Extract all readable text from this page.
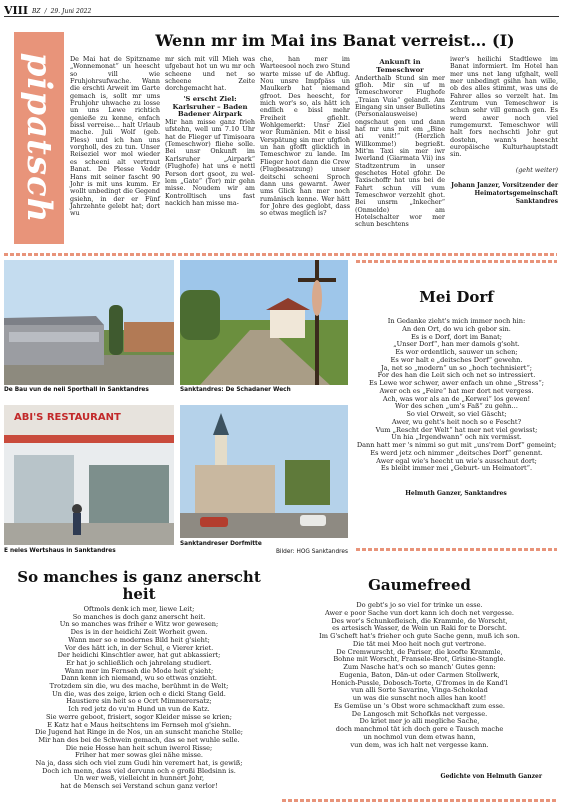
VIII BZ / 29. Juni 2022
pipatsch
Wenn mr im Mai ins Banat verreist… (I)
De Mai hat de Spitzname „Wonnemonat“ un heescht so vill wie Fruhjohrsufwache. Wann die erschti Arweit im Garte gemach is, sollt mr ums Fruhjohr uhwache zu losse un uns Lewe richtich genieße zu kenne, enfach bissl verreise… halt Urlaub mache. Juli Wolf (geb. Pless) und ich han uns vorgholl, des zu tun. Unser Reiseziel wor mol wieder es scheeni alt vertraut Banat. De Plesse Veddr Hans mit seiner fascht 90 Johr is mit uns kumm. Er wollt unbedingt die Gegend gsiehn, in der er Fünf Jahrzehnte gelebt hat; dort wu

mr sich mit vill Mieh was ufgebaut hot un wu mr och scheene und net so scheene Zeite dorchgemacht hat.

'S erscht Ziel: Karlsruher – Baden Badener Airpark

Mir han misse ganz frieh ufstehn, well um 7.10 Uhr hat de Flieger uf Timișoara (Temeschwor) fliehe solle. Bei unsr Onkunft im Karlsruher „Airpark“ (Flughofe) hat uns e nettl Person dort gsoot, zu wel- lem „Gate“ (Tor) mir gehn misse. Noudem wir am Kontrolltisch uns fast nackich han misse ma-

che, han mer im Warteesool noch zwo Stund warte misse uf de Abflug. Nou unsre Impfpäss un Maulkerb hat niemand gfroot. Des heescht, for mich wor's so, als hätt ich endlich e bissl mehr Freiheit gfiehlt. Wohlgemerkt: Unsr Ziel wor Rumänien. Mit e bissl Verspätung sin mer ufgfloh un han gfofft glicklich in Temeschwor zu lande. Im Flieger hoot dann die Crew (Flugbesatzung) unser deitschi scheeni Sproch dann uns gewarnt. Awer ums Glick han mer noch rumänisch kenne. Wer hätt for Johre des geglobt, dass so etwas meglich is?

Ankunft in Temeschwor

Anderthalb Stund sin mer gfloh. Mir sin uf m Temeschworer Flughofe „Traian Vuia“ gelandt. Am Eingang sin unser Bulletins (Personalausweise) ongschaut gen und dann hat mr uns mit em „Bine ati venit!“ (Herzlich Willkomme!) begrießt. Mit'm Taxi sin mer iwr Iwerland (Giarmata Vii) ins Stadtzentrum in unser geschetes Hotel gfohr. De Taxischoffr hat uns bei de Fahrt schun vill vum Temeschwor verzehlt ghot. Bei unsrm „Inkecher“ (Onmelde) am Hotelschalter wor mer schun beschtens

iwer's heilichi Stadtlewe im Banat informiert. Im Hotel han mer uns net lang ufghalt, well mer unbedingt gsihn han wille, ob des alles stimmt, was uns de Fahrer alles so verzelt hat. Im Zentrum vun Temeschwor is schun sehr vill gemach gen. Es werd awer noch viel rumgemurxt. Temeschwor will halt fors nechschti Johr gut dostehn, wann's heescht europäische Kulturhauptstadt sin.

(geht weiter)

Johann Janzer, Vorsitzender der Heimatortsgemeinschaft Sanktandres

De Bau vun de neii Sporthall in Sanktandres	Sanktandres: De Schadaner Wech
ABI'S RESTAURANT
E neies Wertshaus in Sanktandres
Sanktandreser Dorfmitte
Bilder: HOG Sanktandres
Mei Dorf
In Gedanke zieht's mich immer noch hin:
An den Ort, do wu ich gebor sin.
Es is e Dorf, dort im Banat;
„Unser Dorf“, han mer damols g'soht.
Es wor ordentlich, sauwer un schen;
Es wor halt e „deitsches Dorf“ gewehn.
Ja, net so „modern“ un so „hoch technisiert“;
For des han die Leit sich och net so intressiert.
Es Lewe wor schwer, awer enfach un ohne „Stress“;
Awer och es „Feire“ hat mer dort net vergess.
Ach, was wor als an de „Kerwei“ los gewen!
Wor des schen „um's Faß“ zu gehn…
So viel Orweit, so viel Gäscht;
Awer, wu geht's heit noch so e Fescht?
Vum „Rescht der Welt“ hat mer net viel gewisst;
Un hia „Irgendwann“ och nix vermisst.
Dann hatt mer 's nimmi so gut mit „uns'rem Dorf“ gemeint;
Es werd jetz och nimmer „deitsches Dorf“ genennt.
Awer egal wie's heecht un wie's ausschaut dort;
Es bleibt immer mei „Geburt- un Heimatort“.
Helmuth Ganzer, Sanktandres
So manches is ganz anerscht heit
Oftmols denk ich mer, liewe Leit;
So manches is doch ganz anerscht heit.
Un so manches was friher e Witz wor gewesen;
Des is in der heidichi Zeit Worheit gwen.
Wann mer so e modernes Bild heit g'sieht;
Vor des hätt ich, in der Schul, e Vierer kriet.
Der heidichi Kinschtler awer, hat gut abkassiert;
Er hat jo schließlich och jahrelang studiert.
Wann mer im Fernseh die Mode heit g'sieht;
Dann kenn ich niemand, wu so ettwas onzieht.
Trotzdem sin die, wu des mache, berühmt in de Welt;
Un die, was des zeige, krien och e dicki Stang Geld.
Haustiere sin heit so e Ocrt Mimmerersatz;
Ich red jetz do vu'm Hund un vun de Katz.
Sie werre geboot, frisiert, sogor Kleider misse se krien;
E Katz hat e Maus heitschtens im Fernseh mol g'siehn.
Die Jugend hat Ringe in de Nos, un an sunscht manche Stelle;
Mir han des bei de Schwein gemach, das se net wuhle selle.
Die neie Hosse han heit schun iwerol Risse;
Friher hat mer sowas glei nähe misse.
Na ja, dass sich och viel zum Gudi hin veremert hat, is gewiß;
Doch ich menn, dass viel dervunn och e großi Bledsinn is.
Un wer weß, vielleicht in hunnert Johr,
hat de Mensch sei Verstand schun ganz verlor!
Gaumefreed
Do gebt's jo so viel for trinke un esse.
Awer e poor Sache vun dort kann ich doch net vergesse.
Des wor's Schunkefleisch, die Krammle, de Worscht,
es artesisch Wasser, de Wein un Raki for te Dorscht.
Im G'scheft hat's frieher och gute Sache genn, muß ich son.
Die tät mei Moo heit noch gut vertrone.
De Cremwurscht, de Pariser, die koofte Krammle,
Bohne mit Worscht, Fransele-Brot, Grisine-Stangle.
Zum Nasche hat's och so manch' Gutes genn:
Eugenia, Baton, Dän-ut oder Carmen Stollwerk,
Honich-Pussle, Dobosch-Torte, G'fromes in de Kand'l
vun alli Sorte Savarine, Vinga-Schokolad
un was die sunscht noch alles han koot!
Es Gemüse un 's Obst wore schmackhaft zum esse.
De Langosch mit Schofkäs net vergesse.
Do kriet mer jo alli megliche Sache,
doch manchmol tät ich doch gere e Tausch mache
un nochmol vun dem etwas hann,
vun dem, was ich halt net vergesse kann.
Gedichte von Helmuth Ganzer
